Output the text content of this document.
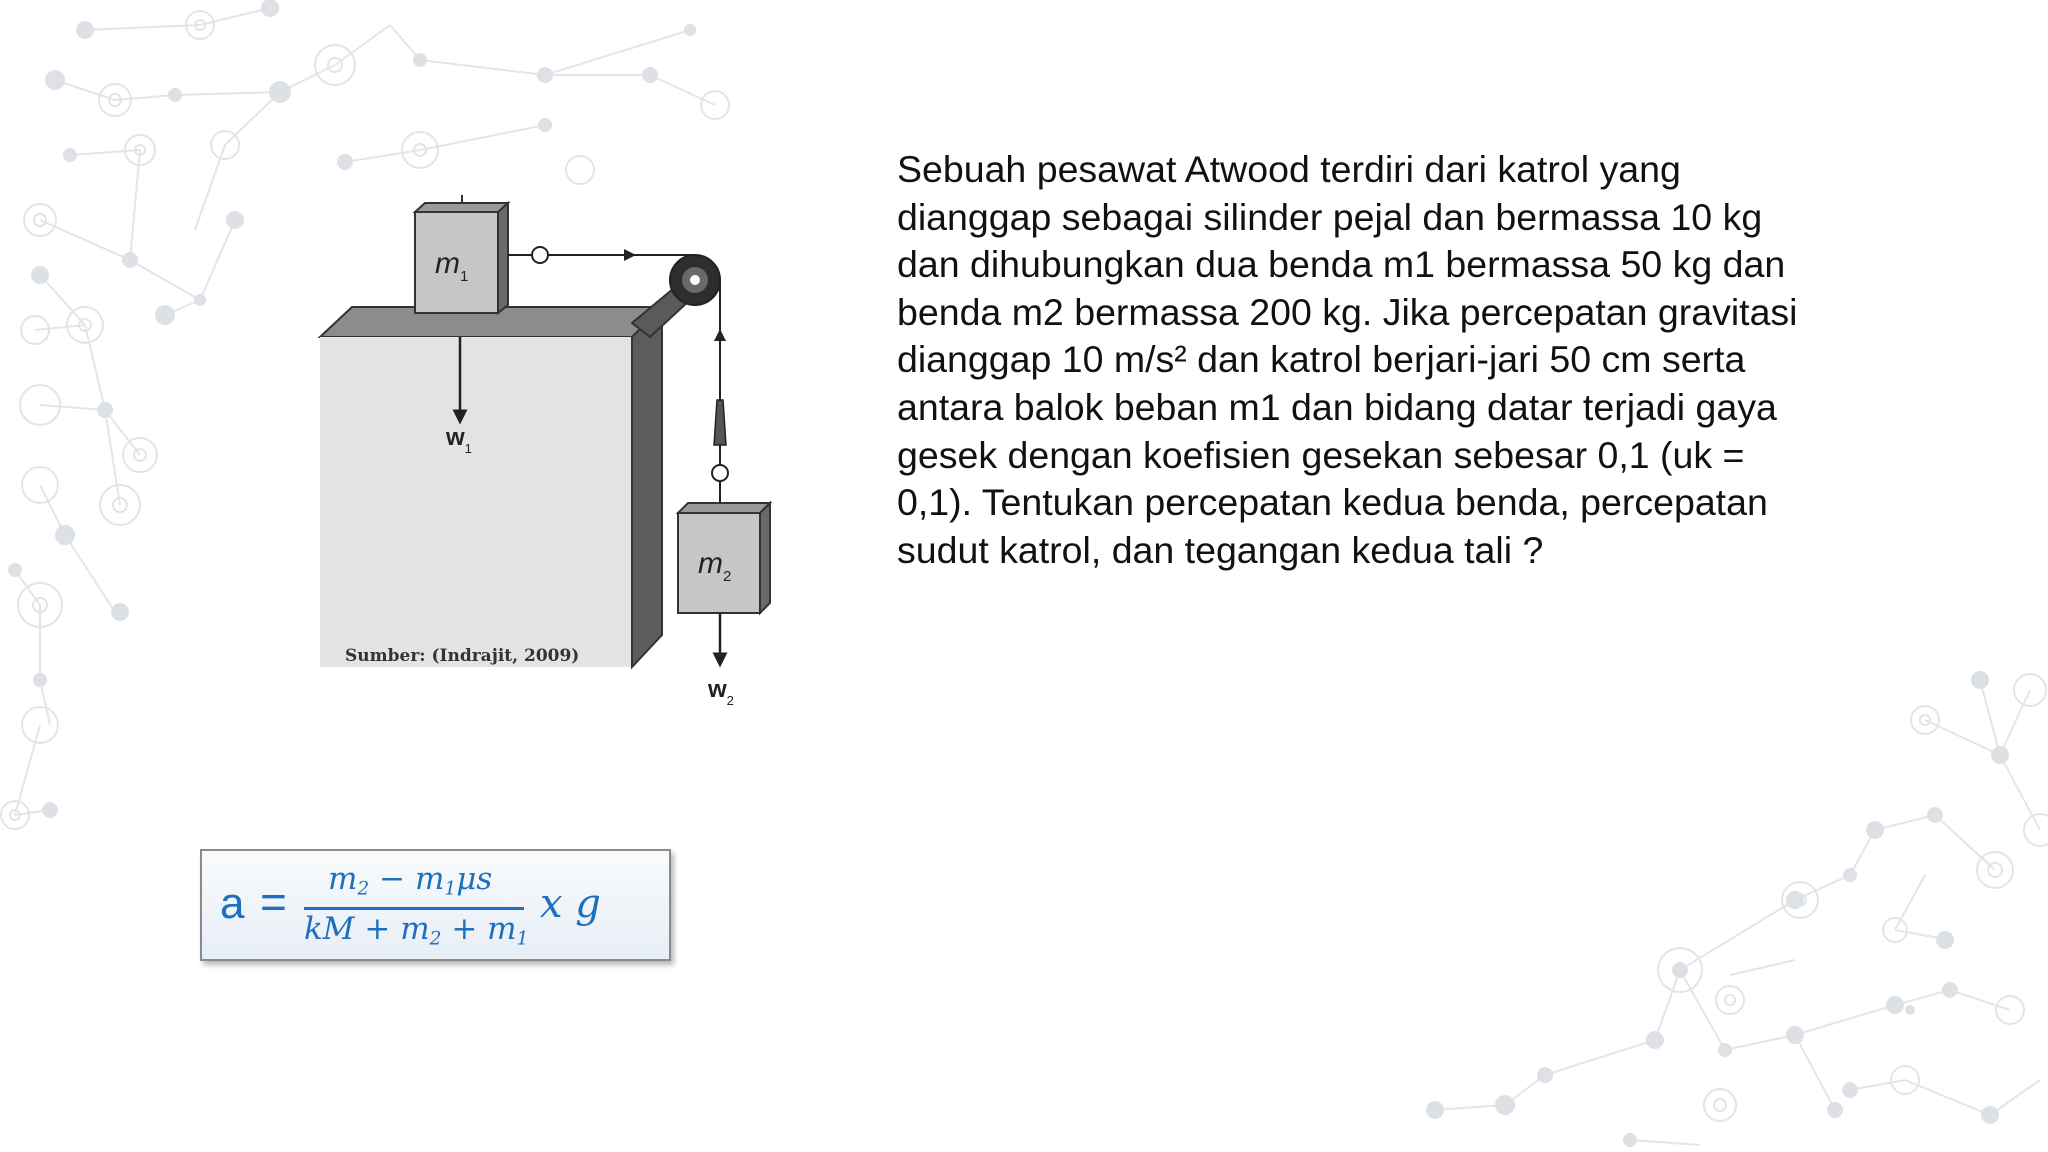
$m_1$
$m_2$
$w_1$
$w_2$
Sumber: (Indrajit, 2009)
Sebuah pesawat Atwood terdiri dari katrol yang
dianggap sebagai silinder pejal dan bermassa 10 kg
dan dihubungkan dua benda m1 bermassa 50 kg dan
benda m2 bermassa 200 kg. Jika percepatan gravitasi
dianggap 10 m/s² dan katrol berjari-jari 50 cm serta
antara balok beban m1 dan bidang datar terjadi gaya
gesek dengan koefisien gesekan sebesar 0,1 (uk =
0,1). Tentukan percepatan kedua benda, percepatan
sudut katrol, dan tegangan kedua tali ?
$a = m_2 - m_1\mu s$
kM + $m_2 + m_1$
x g
